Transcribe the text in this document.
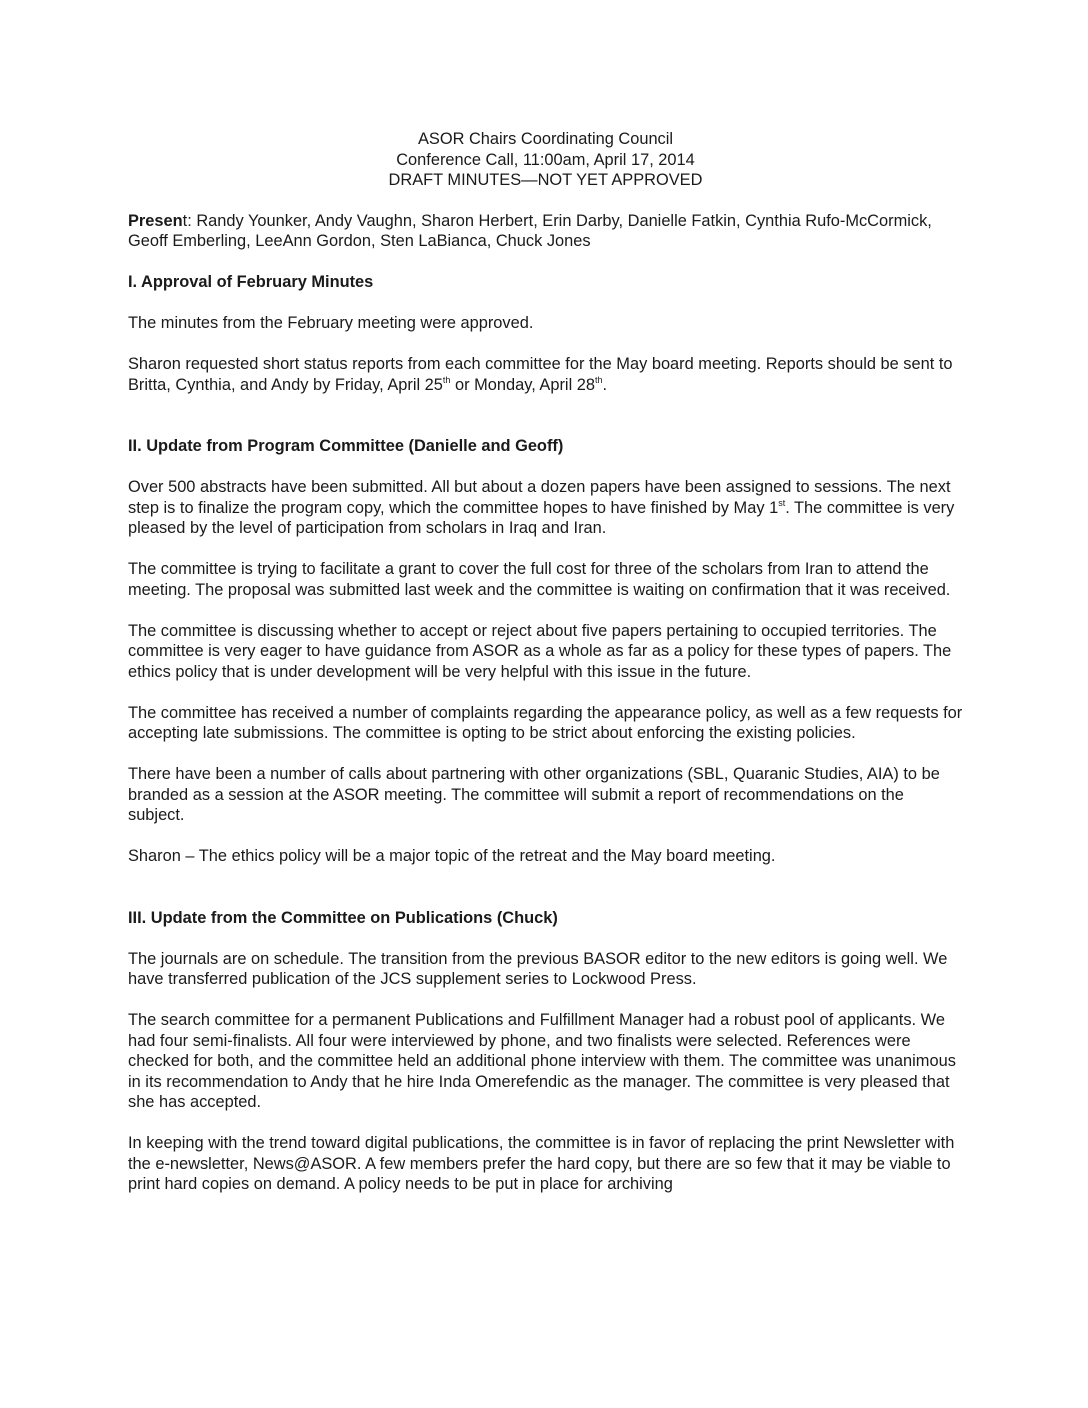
ASOR Chairs Coordinating Council
Conference Call, 11:00am, April 17, 2014
DRAFT MINUTES—NOT YET APPROVED

Present: Randy Younker, Andy Vaughn, Sharon Herbert, Erin Darby, Danielle Fatkin, Cynthia Rufo-McCormick, Geoff Emberling, LeeAnn Gordon, Sten LaBianca, Chuck Jones

I. Approval of February Minutes

The minutes from the February meeting were approved.

Sharon requested short status reports from each committee for the May board meeting. Reports should be sent to Britta, Cynthia, and Andy by Friday, April 25th or Monday, April 28th.

II. Update from Program Committee (Danielle and Geoff)

Over 500 abstracts have been submitted. All but about a dozen papers have been assigned to sessions. The next step is to finalize the program copy, which the committee hopes to have finished by May 1st. The committee is very pleased by the level of participation from scholars in Iraq and Iran.

The committee is trying to facilitate a grant to cover the full cost for three of the scholars from Iran to attend the meeting. The proposal was submitted last week and the committee is waiting on confirmation that it was received.

The committee is discussing whether to accept or reject about five papers pertaining to occupied territories. The committee is very eager to have guidance from ASOR as a whole as far as a policy for these types of papers. The ethics policy that is under development will be very helpful with this issue in the future.

The committee has received a number of complaints regarding the appearance policy, as well as a few requests for accepting late submissions. The committee is opting to be strict about enforcing the existing policies.

There have been a number of calls about partnering with other organizations (SBL, Quaranic Studies, AIA) to be branded as a session at the ASOR meeting. The committee will submit a report of recommendations on the subject.

Sharon – The ethics policy will be a major topic of the retreat and the May board meeting.

III. Update from the Committee on Publications (Chuck)

The journals are on schedule. The transition from the previous BASOR editor to the new editors is going well. We have transferred publication of the JCS supplement series to Lockwood Press.

The search committee for a permanent Publications and Fulfillment Manager had a robust pool of applicants. We had four semi-finalists. All four were interviewed by phone, and two finalists were selected. References were checked for both, and the committee held an additional phone interview with them. The committee was unanimous in its recommendation to Andy that he hire Inda Omerefendic as the manager. The committee is very pleased that she has accepted.

In keeping with the trend toward digital publications, the committee is in favor of replacing the print Newsletter with the e-newsletter, News@ASOR. A few members prefer the hard copy, but there are so few that it may be viable to print hard copies on demand. A policy needs to be put in place for archiving
